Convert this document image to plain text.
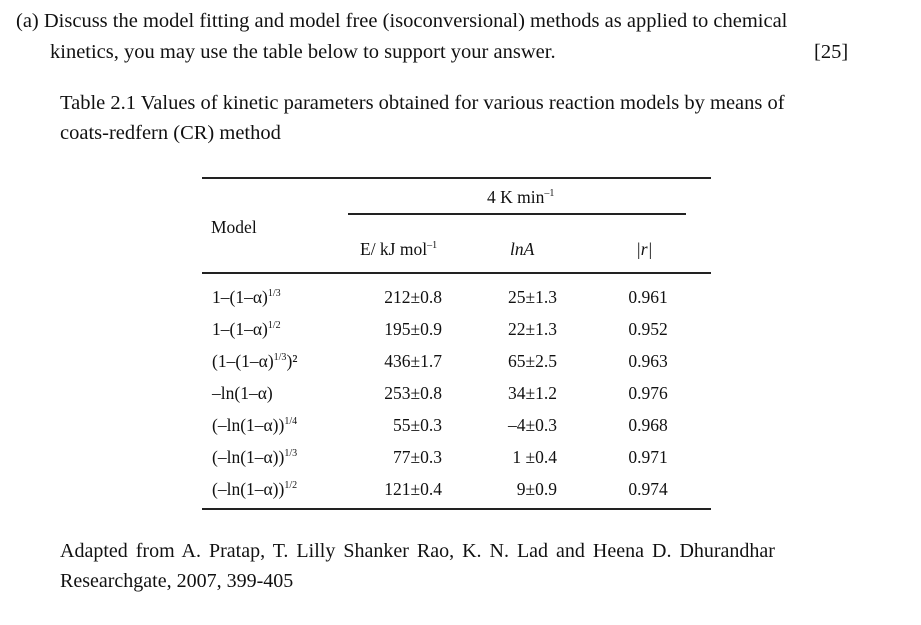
(a) Discuss the model fitting and model free (isoconversional) methods as applied to chemical
kinetics, you may use the table below to support your answer.	[25]
Table 2.1 Values of kinetic parameters obtained for various reaction models by means of
coats-redfern (CR) method
4 K $\min^{-1}$
Model
E/ kJ mol$^{-1}$	lnA	|r|
$1-(1-\alpha)^{1/3}$	212±0.8	25±1.3	0.961
$1-(1-\alpha)^{1/2}$	195±0.9	22±1.3	0.952
$(1-(1-\alpha)^{1/3})^2$	436±1.7	65±2.5	0.963
–ln(1–α)	253±0.8	34±1.2	0.976
$(-\ln(1-\alpha))^{1/4}$	55±0.3	–4±0.3	0.968
$(-\ln(1-\alpha))^{1/3}$	77±0.3	1 ±0.4	0.971
$(-\ln(1-\alpha))^{1/2}$	121±0.4	9±0.9	0.974
Adapted from A. Pratap, T. Lilly Shanker Rao, K. N. Lad and Heena D. Dhurandhar
Researchgate, 2007, 399-405
